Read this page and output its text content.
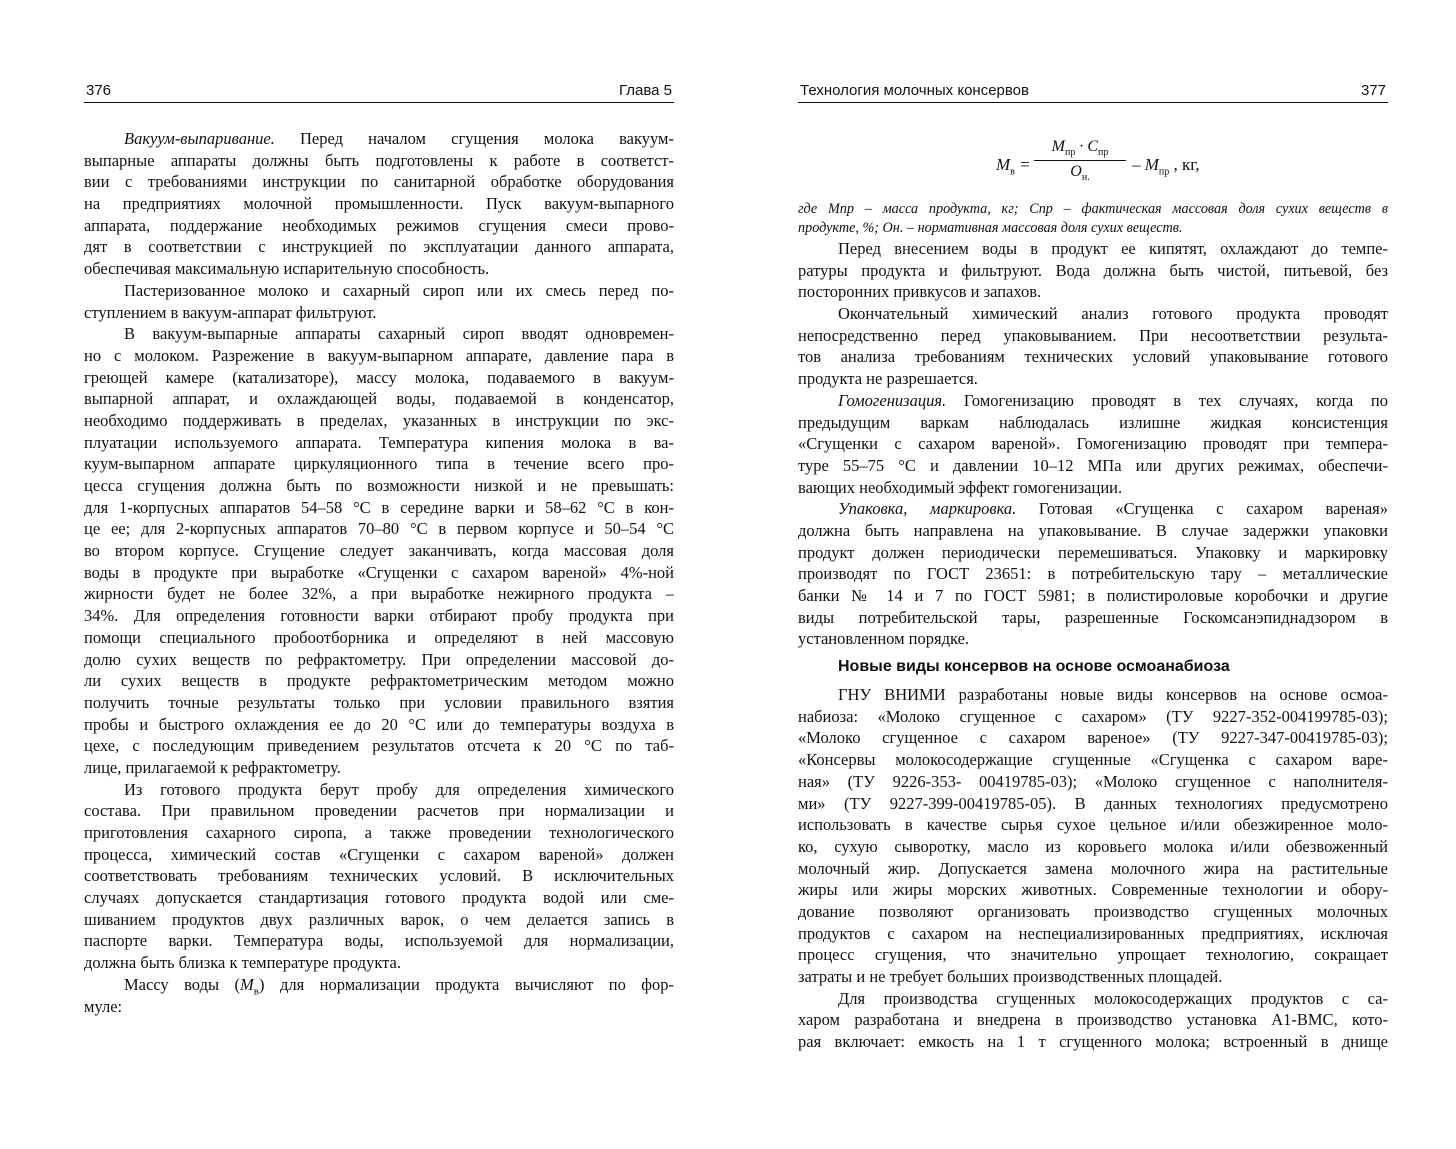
376	Глава 5
Вакуум-выпаривание. Перед началом сгущения молока вакуум-
выпарные аппараты должны быть подготовлены к работе в соответст-
вии с требованиями инструкции по санитарной обработке оборудования
на предприятиях молочной промышленности. Пуск вакуум-выпарного
аппарата, поддержание необходимых режимов сгущения смеси прово-
дят в соответствии с инструкцией по эксплуатации данного аппарата,
обеспечивая максимальную испарительную способность.
Пастеризованное молоко и сахарный сироп или их смесь перед по-
ступлением в вакуум-аппарат фильтруют.
В вакуум-выпарные аппараты сахарный сироп вводят одновремен-
но с молоком. Разрежение в вакуум-выпарном аппарате, давление пара в
греющей камере (катализаторе), массу молока, подаваемого в вакуум-
выпарной аппарат, и охлаждающей воды, подаваемой в конденсатор,
необходимо поддерживать в пределах, указанных в инструкции по экс-
плуатации используемого аппарата. Температура кипения молока в ва-
куум-выпарном аппарате циркуляционного типа в течение всего про-
цесса сгущения должна быть по возможности низкой и не превышать:
для 1-корпусных аппаратов 54–58 °С в середине варки и 58–62 °С в кон-
це ее; для 2-корпусных аппаратов 70–80 °С в первом корпусе и 50–54 °С
во втором корпусе. Сгущение следует заканчивать, когда массовая доля
воды в продукте при выработке «Сгущенки с сахаром вареной» 4%-ной
жирности будет не более 32%, а при выработке нежирного продукта –
34%. Для определения готовности варки отбирают пробу продукта при
помощи специального пробоотборника и определяют в ней массовую
долю сухих веществ по рефрактометру. При определении массовой до-
ли сухих веществ в продукте рефрактометрическим методом можно
получить точные результаты только при условии правильного взятия
пробы и быстрого охлаждения ее до 20 °С или до температуры воздуха в
цехе, с последующим приведением результатов отсчета к 20 °С по таб-
лице, прилагаемой к рефрактометру.
Из готового продукта берут пробу для определения химического
состава. При правильном проведении расчетов при нормализации и
приготовления сахарного сиропа, а также проведении технологического
процесса, химический состав «Сгущенки с сахаром вареной» должен
соответствовать требованиям технических условий. В исключительных
случаях допускается стандартизация готового продукта водой или сме-
шиванием продуктов двух различных варок, о чем делается запись в
паспорте варки. Температура воды, используемой для нормализации,
должна быть близка к температуре продукта.
Массу воды $(М_в)$ для нормализации продукта вычисляют по фор-
муле:
Технология молочных консервов	377
$М_в$ =
$М_{пр} \cdot С_{пр}$
$О_{н.}$
– $М_{пр}$ , кг,
где Мпр – масса продукта, кг; Спр – фактическая массовая доля сухих веществ в
продукте, %; Он. – нормативная массовая доля сухих веществ.
Перед внесением воды в продукт ее кипятят, охлаждают до темпе-
ратуры продукта и фильтруют. Вода должна быть чистой, питьевой, без
посторонних привкусов и запахов.
Окончательный химический анализ готового продукта проводят
непосредственно перед упаковыванием. При несоответствии результа-
тов анализа требованиям технических условий упаковывание готового
продукта не разрешается.
Гомогенизация. Гомогенизацию проводят в тех случаях, когда по
предыдущим варкам наблюдалась излишне жидкая консистенция
«Сгущенки с сахаром вареной». Гомогенизацию проводят при темпера-
туре 55–75 °С и давлении 10–12 МПа или других режимах, обеспечи-
вающих необходимый эффект гомогенизации.
Упаковка, маркировка. Готовая «Сгущенка с сахаром вареная»
должна быть направлена на упаковывание. В случае задержки упаковки
продукт должен периодически перемешиваться. Упаковку и маркировку
производят по ГОСТ 23651: в потребительскую тару – металлические
банки № 14 и 7 по ГОСТ 5981; в полистироловые коробочки и другие
виды потребительской тары, разрешенные Госкомсанэпиднадзором в
установленном порядке.
Новые виды консервов на основе осмоанабиоза
ГНУ ВНИМИ разработаны новые виды консервов на основе осмоа-
набиоза: «Молоко сгущенное с сахаром» (ТУ 9227-352-004199785-03);
«Молоко сгущенное с сахаром вареное» (ТУ 9227-347-00419785-03);
«Консервы молокосодержащие сгущенные «Сгущенка с сахаром варе-
ная» (ТУ 9226-353- 00419785-03); «Молоко сгущенное с наполнителя-
ми» (ТУ 9227-399-00419785-05). В данных технологиях предусмотрено
использовать в качестве сырья сухое цельное и/или обезжиренное моло-
ко, сухую сыворотку, масло из коровьего молока и/или обезвоженный
молочный жир. Допускается замена молочного жира на растительные
жиры или жиры морских животных. Современные технологии и обору-
дование позволяют организовать производство сгущенных молочных
продуктов с сахаром на неспециализированных предприятиях, исключая
процесс сгущения, что значительно упрощает технологию, сокращает
затраты и не требует больших производственных площадей.
Для производства сгущенных молокосодержащих продуктов с са-
харом разработана и внедрена в производство установка А1-ВМС, кото-
рая включает: емкость на 1 т сгущенного молока; встроенный в днище
